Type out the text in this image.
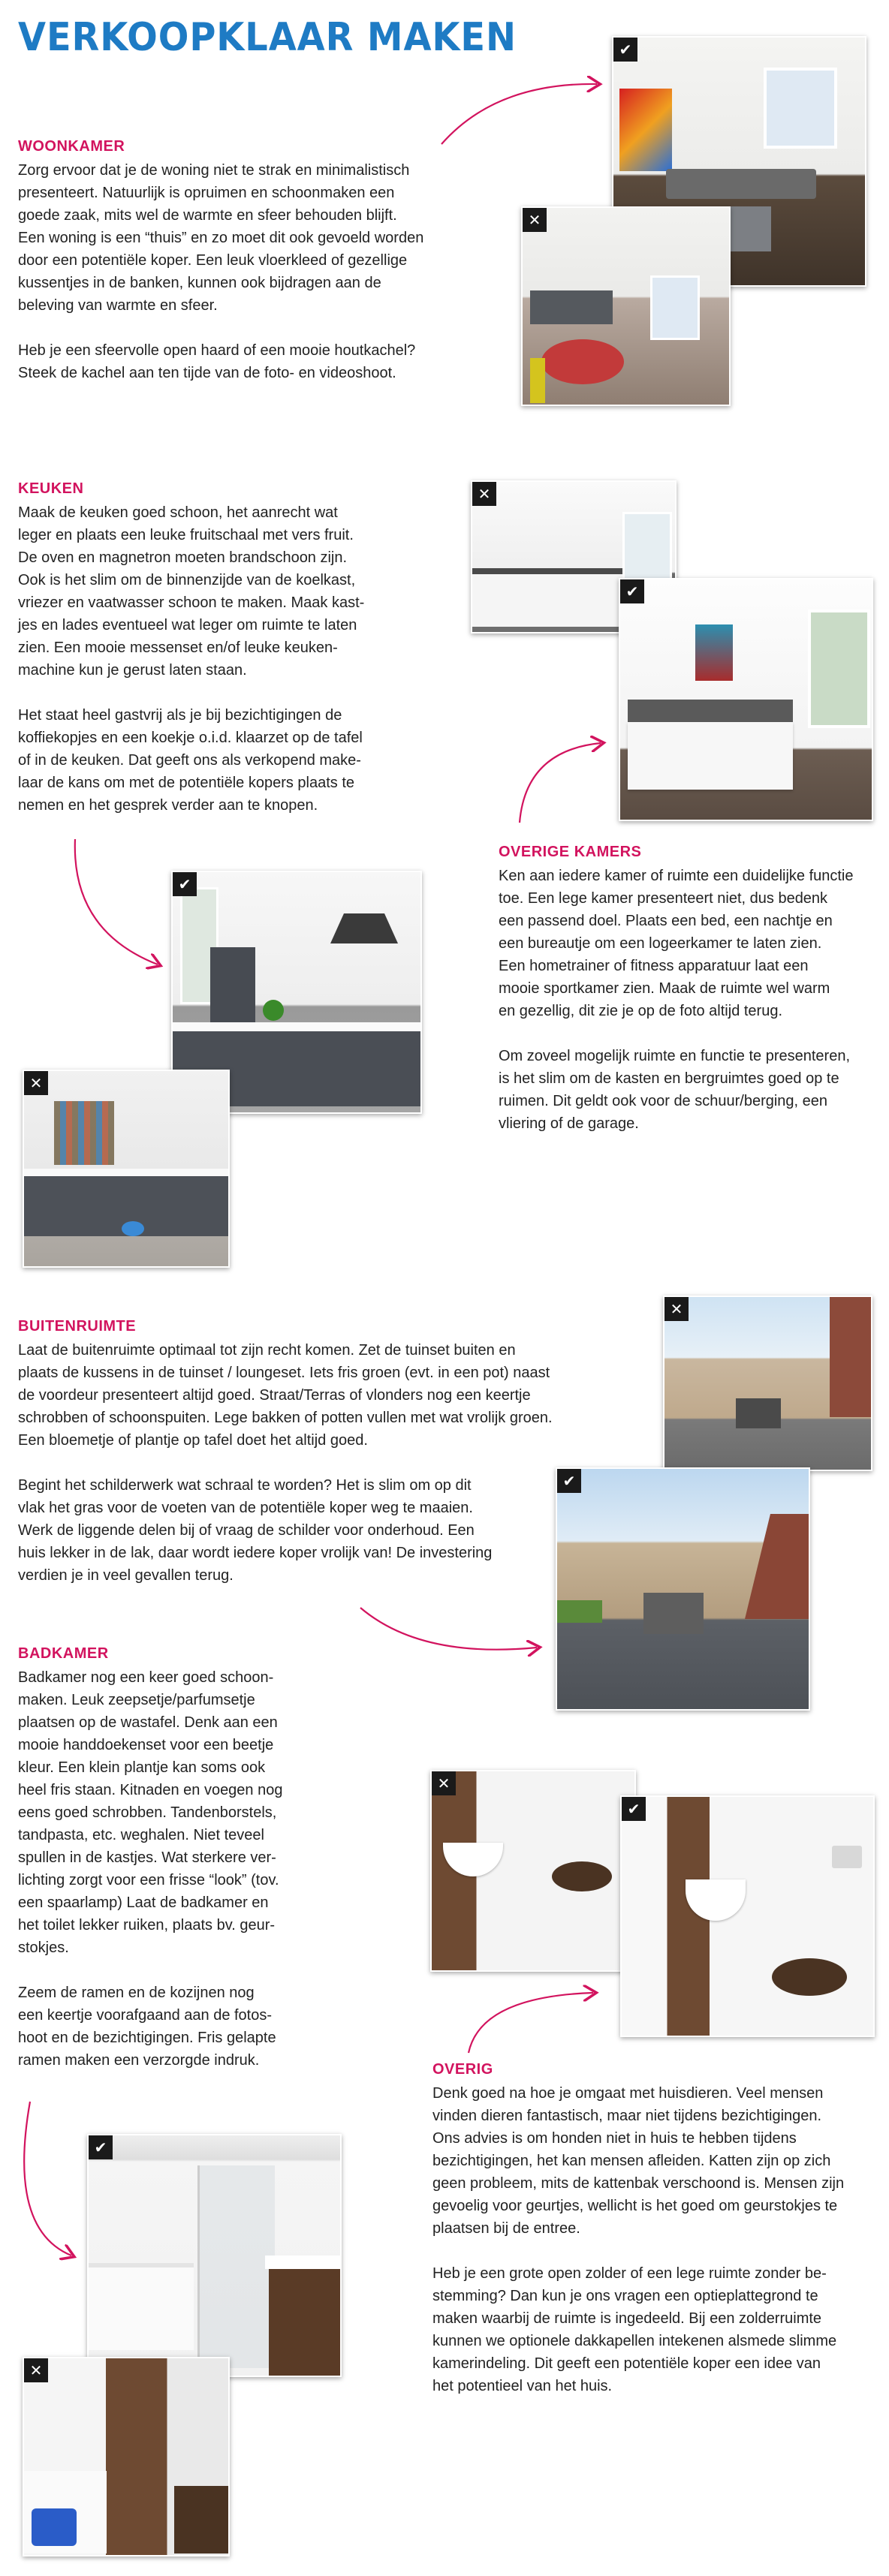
VERKOOPKLAAR MAKEN
WOONKAMER
Zorg ervoor dat je de woning niet te strak en minimalistisch
presenteert. Natuurlijk is opruimen en schoonmaken een
goede zaak, mits wel de warmte en sfeer behouden blijft.
Een woning is een “thuis” en zo moet dit ook gevoeld worden
door een potentiële koper. Een leuk vloerkleed of gezellige
kussentjes in de banken, kunnen ook bijdragen aan de
beleving van warmte en sfeer.

Heb je een sfeervolle open haard of een mooie houtkachel?
Steek de kachel aan ten tijde van de foto- en videoshoot.
✔
✕
KEUKEN
Maak de keuken goed schoon, het aanrecht wat
leger en plaats een leuke fruitschaal met vers fruit.
De oven en magnetron moeten brandschoon zijn.
Ook is het slim om de binnenzijde van de koelkast,
vriezer en vaatwasser schoon te maken. Maak kast-
jes en lades eventueel wat leger om ruimte te laten
zien. Een mooie messenset en/of leuke keuken-
machine kun je gerust laten staan.

Het staat heel gastvrij als je bij bezichtigingen de
koffiekopjes en een koekje o.i.d. klaarzet op de tafel
of in de keuken. Dat geeft ons als verkopend make-
laar de kans om met de potentiële kopers plaats te
nemen en het gesprek verder aan te knopen.
✕
✔
✔
✕
OVERIGE KAMERS
Ken aan iedere kamer of ruimte een duidelijke functie
toe. Een lege kamer presenteert niet, dus bedenk
een passend doel. Plaats een bed, een nachtje en
een bureautje om een logeerkamer te laten zien.
Een hometrainer of fitness apparatuur laat een
mooie sportkamer zien. Maak de ruimte wel warm
en gezellig, dit zie je op de foto altijd terug.

Om zoveel mogelijk ruimte en functie te presenteren,
is het slim om de kasten en bergruimtes goed op te
ruimen. Dit geldt ook voor de schuur/berging, een
vliering of de garage.
BUITENRUIMTE
Laat de buitenruimte optimaal tot zijn recht komen. Zet de tuinset buiten en
plaats de kussens in de tuinset / loungeset. Iets fris groen (evt. in een pot) naast
de voordeur presenteert altijd goed. Straat/Terras of vlonders nog een keertje
schrobben of schoonspuiten. Lege bakken of potten vullen met wat vrolijk groen.
Een bloemetje of plantje op tafel doet het altijd goed.

Begint het schilderwerk wat schraal te worden? Het is slim om op dit
vlak het gras voor de voeten van de potentiële koper weg te maaien.
Werk de liggende delen bij of vraag de schilder voor onderhoud. Een
huis lekker in de lak, daar wordt iedere koper vrolijk van! De investering
verdien je in veel gevallen terug.
✕
✔
BADKAMER
Badkamer nog een keer goed schoon-
maken. Leuk zeepsetje/parfumsetje
plaatsen op de wastafel. Denk aan een
mooie handdoekenset voor een beetje
kleur. Een klein plantje kan soms ook
heel fris staan. Kitnaden en voegen nog
eens goed schrobben. Tandenborstels,
tandpasta, etc. weghalen. Niet teveel
spullen in de kastjes. Wat sterkere ver-
lichting zorgt voor een frisse “look” (tov.
een spaarlamp) Laat de badkamer en
het toilet lekker ruiken, plaats bv. geur-
stokjes.

Zeem de ramen en de kozijnen nog
een keertje voorafgaand aan de fotos-
hoot en de bezichtigingen. Fris gelapte
ramen maken een verzorgde indruk.
✕
✔
✔
✕
OVERIG
Denk goed na hoe je omgaat met huisdieren. Veel mensen
vinden dieren fantastisch, maar niet tijdens bezichtigingen.
Ons advies is om honden niet in huis te hebben tijdens
bezichtigingen, het kan mensen afleiden. Katten zijn op zich
geen probleem, mits de kattenbak verschoond is. Mensen zijn
gevoelig voor geurtjes, wellicht is het goed om geurstokjes te
plaatsen bij de entree.

Heb je een grote open zolder of een lege ruimte zonder be-
stemming? Dan kun je ons vragen een optieplattegrond te
maken waarbij de ruimte is ingedeeld. Bij een zolderruimte
kunnen we optionele dakkapellen intekenen alsmede slimme
kamerindeling. Dit geeft een potentiële koper een idee van
het potentieel van het huis.
